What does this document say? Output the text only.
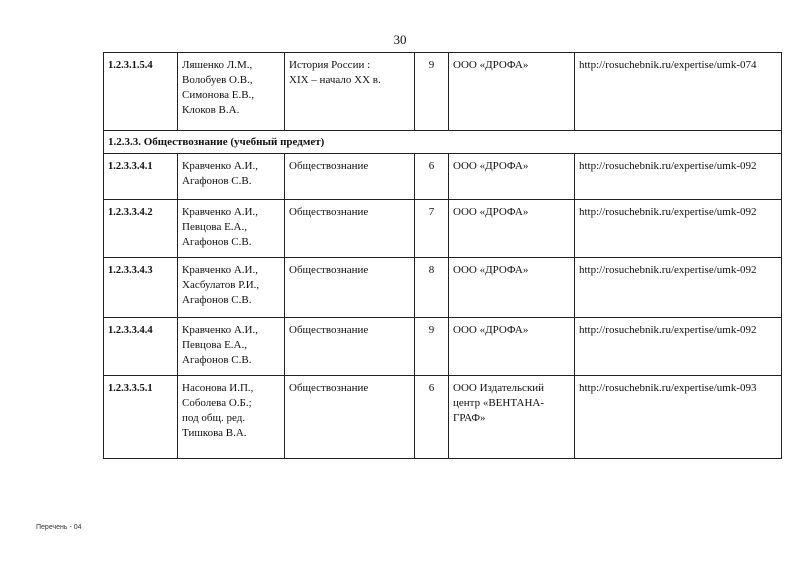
30
1.2.3.1.5.4	Ляшенко Л.М.,
Волобуев О.В.,
Симонова Е.В.,
Клоков В.А.	История России :
XIX – начало XX в.	9	ООО «ДРОФА»	http://rosuchebnik.ru/expertise/umk-074
1.2.3.3. Обществознание (учебный предмет)					
1.2.3.3.4.1	Кравченко А.И.,
Агафонов С.В.	Обществознание	6	ООО «ДРОФА»	http://rosuchebnik.ru/expertise/umk-092
1.2.3.3.4.2	Кравченко А.И.,
Певцова Е.А.,
Агафонов С.В.	Обществознание	7	ООО «ДРОФА»	http://rosuchebnik.ru/expertise/umk-092
1.2.3.3.4.3	Кравченко А.И.,
Хасбулатов Р.И.,
Агафонов С.В.	Обществознание	8	ООО «ДРОФА»	http://rosuchebnik.ru/expertise/umk-092
1.2.3.3.4.4	Кравченко А.И.,
Певцова Е.А.,
Агафонов С.В.	Обществознание	9	ООО «ДРОФА»	http://rosuchebnik.ru/expertise/umk-092
1.2.3.3.5.1	Насонова И.П.,
Соболева О.Б.;
под общ. ред.
Тишкова В.А.	Обществознание	6	ООО Издательский
центр «ВЕНТАНА-
ГРАФ»	http://rosuchebnik.ru/expertise/umk-093
Перечень - 04
